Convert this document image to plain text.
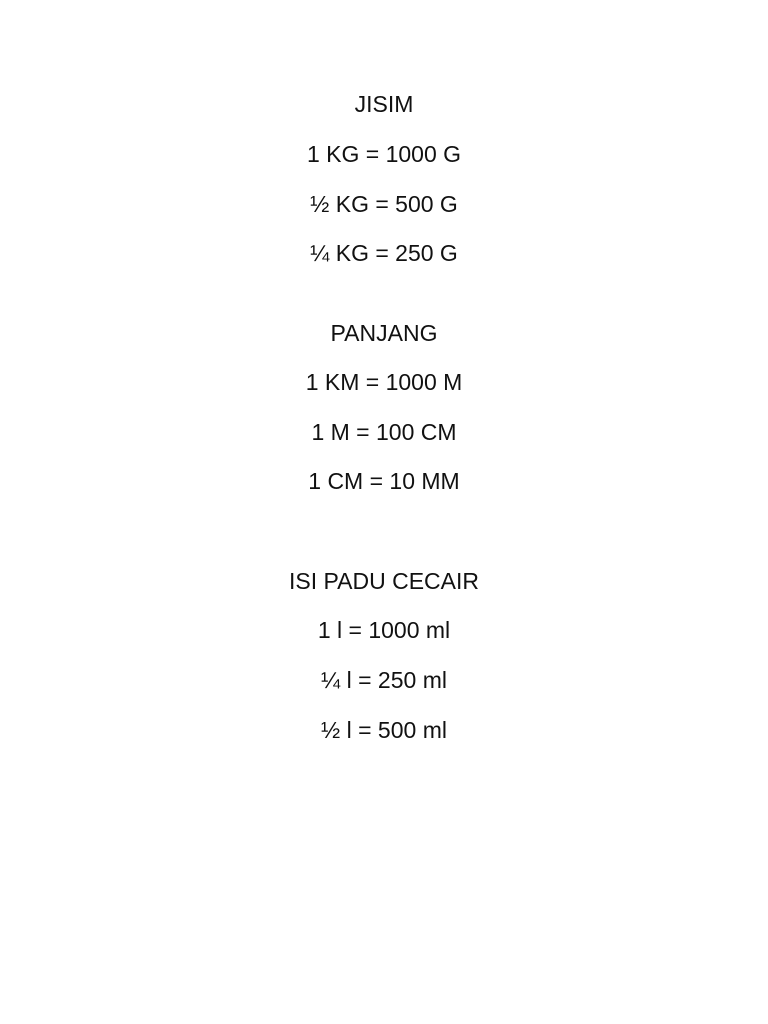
JISIM
1 KG = 1000 G
½ KG = 500 G
¼ KG = 250 G
PANJANG
1 KM = 1000 M
1 M = 100 CM
1 CM = 10 MM
ISI PADU CECAIR
1 l = 1000 ml
¼ l = 250 ml
½ l = 500 ml
